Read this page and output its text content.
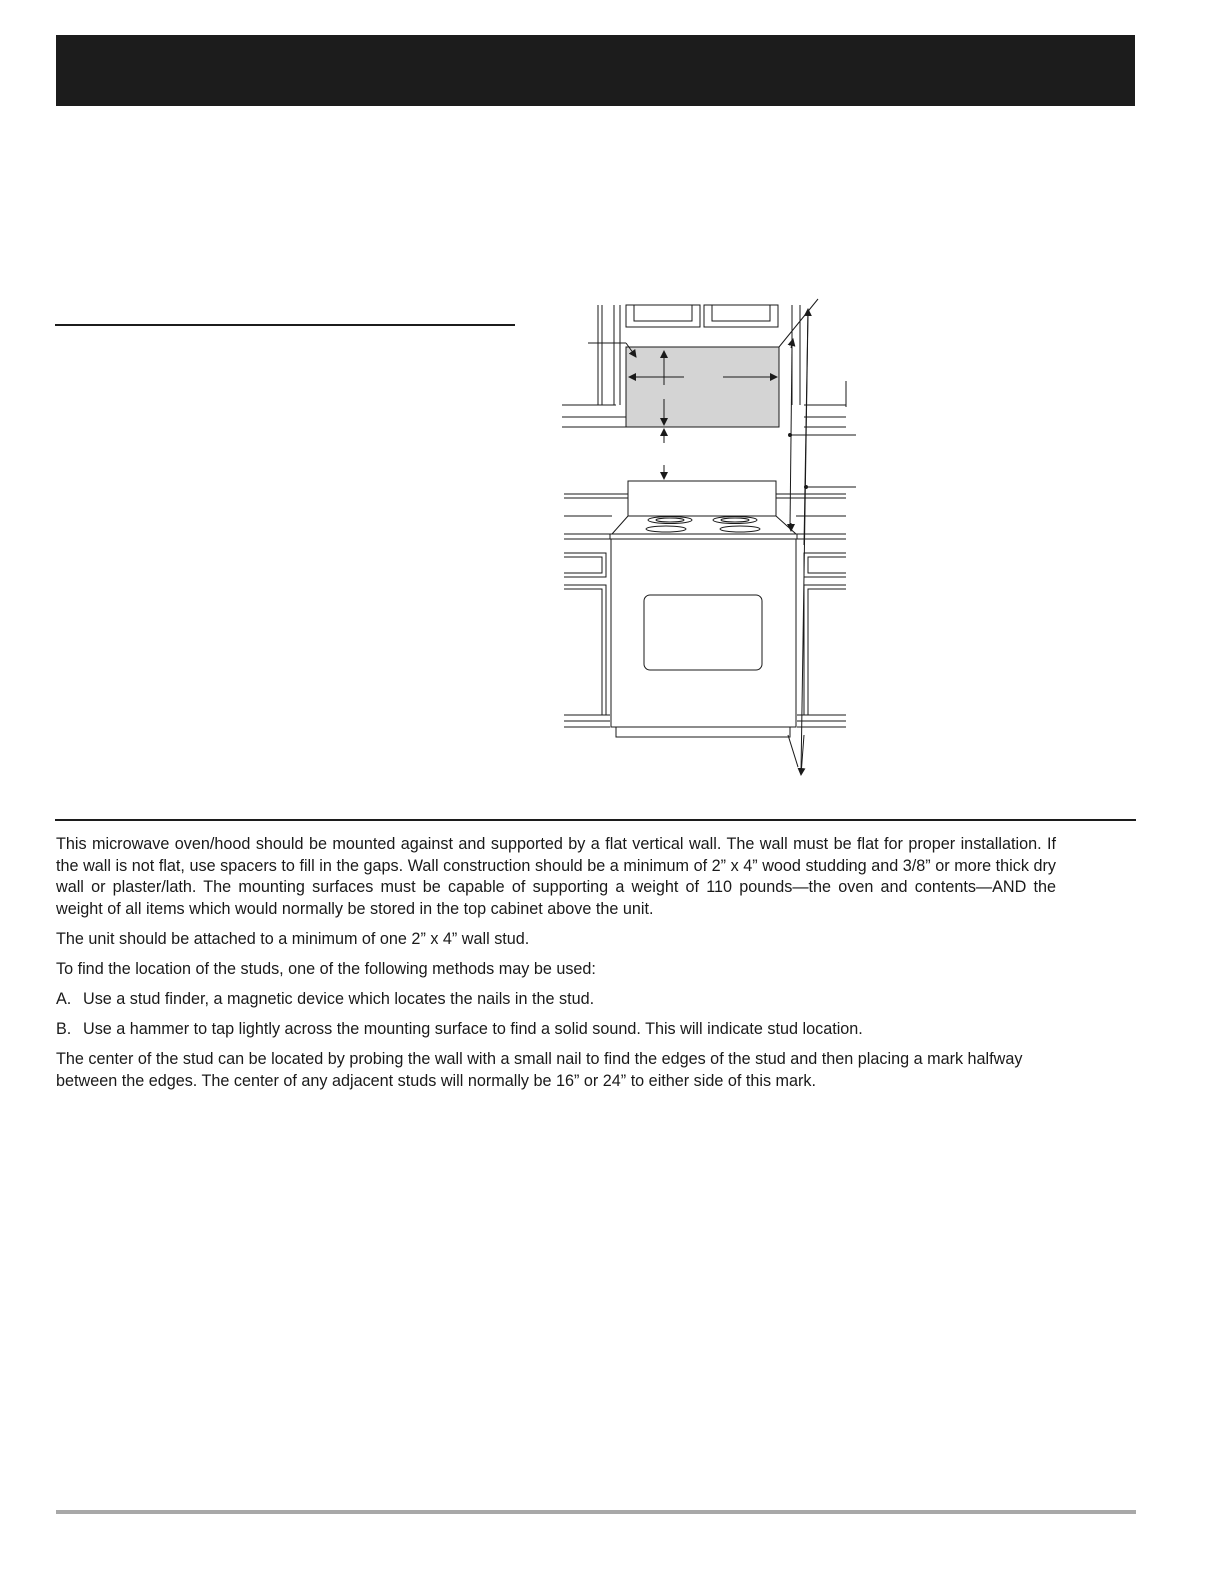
This microwave oven/hood should be mounted against and supported by a flat vertical wall. The wall must be flat for proper installation. If the wall is not flat, use spacers to fill in the gaps. Wall construction should be a minimum of 2” x 4” wood studding and 3/8” or more thick dry wall or plaster/lath. The mounting surfaces must be capable of supporting a weight of 110 pounds—the oven and contents—AND the weight of all items which would normally be stored in the top cabinet above the unit.

The unit should be attached to a minimum of one 2” x 4” wall stud.

To find the location of the studs, one of the following methods may be used:

A. Use a stud finder, a magnetic device which locates the nails in the stud.

B. Use a hammer to tap lightly across the mounting surface to find a solid sound. This will indicate stud location.

The center of the stud can be located by probing the wall with a small nail to find the edges of the stud and then placing a mark halfway between the edges. The center of any adjacent studs will normally be 16” or 24” to either side of this mark.
